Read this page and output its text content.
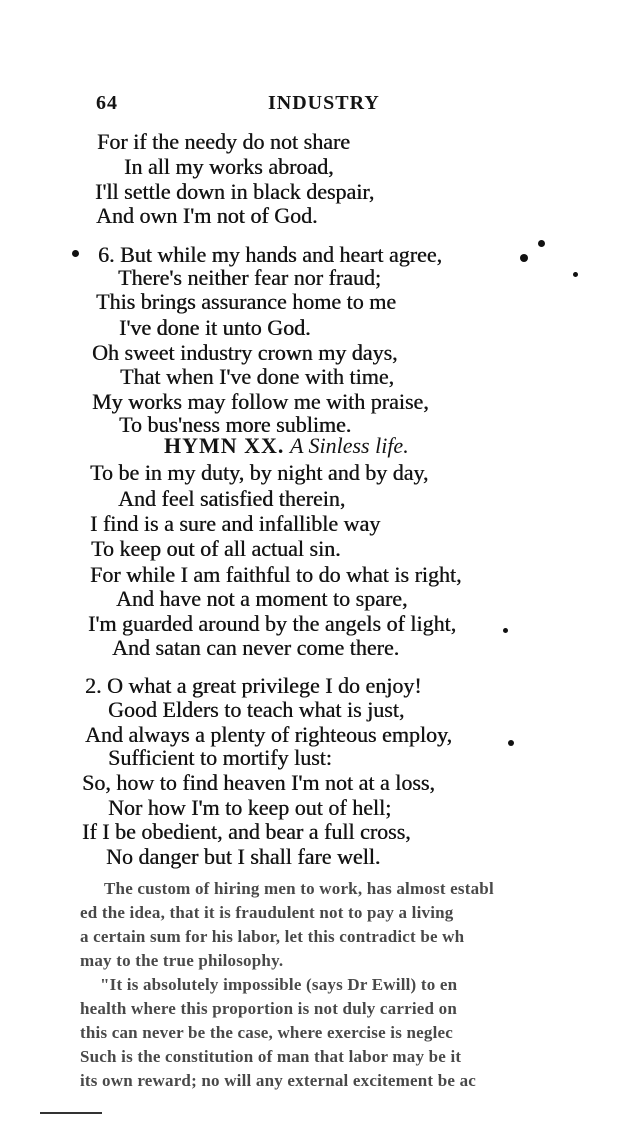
64	INDUSTRY
For if the needy do not share
In all my works abroad,
I'll settle down in black despair,
And own I'm not of God.
6. But while my hands and heart agree,
There's neither fear nor fraud;
This brings assurance home to me
I've done it unto God.
Oh sweet industry crown my days,
That when I've done with time,
My works may follow me with praise,
To bus'ness more sublime.
HYMN XX. A Sinless life.
To be in my duty, by night and by day,
And feel satisfied therein,
I find is a sure and infallible way
To keep out of all actual sin.
For while I am faithful to do what is right,
And have not a moment to spare,
I'm guarded around by the angels of light,
And satan can never come there.
2. O what a great privilege I do enjoy!
Good Elders to teach what is just,
And always a plenty of righteous employ,
Sufficient to mortify lust:
So, how to find heaven I'm not at a loss,
Nor how I'm to keep out of hell;
If I be obedient, and bear a full cross,
No danger but I shall fare well.
The custom of hiring men to work, has almost establ
ed the idea, that it is fraudulent not to pay a living
a certain sum for his labor, let this contradict be wh
may to the true philosophy.
"It is absolutely impossible (says Dr Ewill) to en
health where this proportion is not duly carried on
this can never be the case, where exercise is neglec
Such is the constitution of man that labor may be it
its own reward; no will any external excitement be ac
